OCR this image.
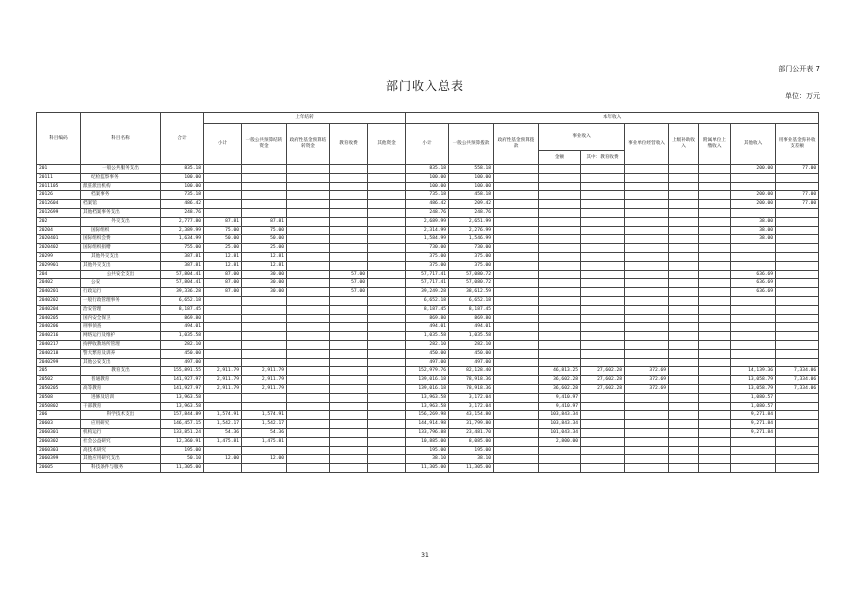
部门公开表 7
部门收入总表
单位：万元
科目编码	科目名称	合计	上年结转					本年收入									
			小计	一般公共预算结转资金	政府性基金预算结转资金	教育收费	其他资金	小计	一般公共预算拨款	政府性基金预算拨款	事业收入		事业单位经营收入	上级补助收入	附属单位上缴收入	其他收入	用事业基金弥补收支差额
											金额	其中：教育收费					
201	一般公共服务支出	835.18						835.18	558.18							200.00	77.00
20111	纪检监察事务	100.00						100.00	100.00								
2011105	派驻派出机构	100.00						100.00	100.00								
20126	档案事务	735.18						735.18	458.18							200.00	77.00
2012604	档案馆	486.42						486.42	209.42							200.00	77.00
2012699	其他档案事务支出	248.76						248.76	248.76								
202	外交支出	2,777.80	87.81	87.81				2,689.99	2,651.99							38.00	
20204	国际组织	2,389.99	75.00	75.00				2,314.99	2,276.99							38.00	
2020401	国际组织会费	1,634.99	50.00	50.00				1,584.99	1,546.99							38.00	
2020402	国际组织捐赠	755.00	25.00	25.00				730.00	730.00								
20299	其他外交支出	387.81	12.81	12.81				375.00	375.00								
2029901	其他外交支出	387.81	12.81	12.81				375.00	375.00								
204	公共安全支出	57,804.41	87.00	30.00		57.00		57,717.41	57,080.72							636.69	
20402	公安	57,804.41	87.00	30.00		57.00		57,717.41	57,080.72							636.69	
2040201	行政运行	39,336.28	87.00	30.00		57.00		39,249.28	38,612.59							636.69	
2040202	一般行政管理事务	6,652.18						6,652.18	6,652.18								
2040204	治安管理	8,187.45						8,187.45	8,187.45								
2040205	国内安全保卫	869.80						869.80	869.80								
2040206	刑事侦查	494.01						494.01	494.01								
2040216	网络运行及维护	1,035.58						1,035.58	1,035.58								
2040217	拘押收教场所管理	282.10						282.10	282.10								
2040218	警犬繁育及训养	450.00						450.00	450.00								
2040299	其他公安支出	497.00						497.00	497.00								
205	教育支出	155,891.55	2,911.79	2,911.79				152,979.76	82,128.40		46,813.25	27,602.28	372.69			14,139.36	7,334.06
20502	普通教育	141,927.97	2,911.79	2,911.79				139,016.18	78,918.36		36,602.28	27,602.28	372.69			13,058.79	7,334.06
2050205	高等教育	141,927.97	2,911.79	2,911.79				139,016.18	78,918.36		36,602.28	27,602.28	372.69			13,058.79	7,334.06
20508	进修及培训	13,963.58						13,963.58	3,172.04		9,410.97					1,080.57	
2050802	干部教育	13,963.58						13,963.58	3,172.04		9,410.97					1,080.57	
206	科学技术支出	157,844.89	1,574.91	1,574.91				156,269.98	43,154.80		103,843.34					9,271.84	
20603	应用研究	146,457.15	1,542.17	1,542.17				144,914.98	31,799.80		103,843.34					9,271.84	
2060301	机构运行	133,851.24	54.36	54.36				133,796.88	23,481.70		101,043.34					9,271.84	
2060302	社会公益研究	12,360.91	1,475.81	1,475.81				10,885.00	8,085.00		2,800.00						
2060303	高技术研究	195.00						195.00	195.00								
2060399	其他应用研究支出	50.10	12.00	12.00				38.10	38.10								
20605	科技条件与服务	11,305.00						11,305.00	11,305.00								
31
